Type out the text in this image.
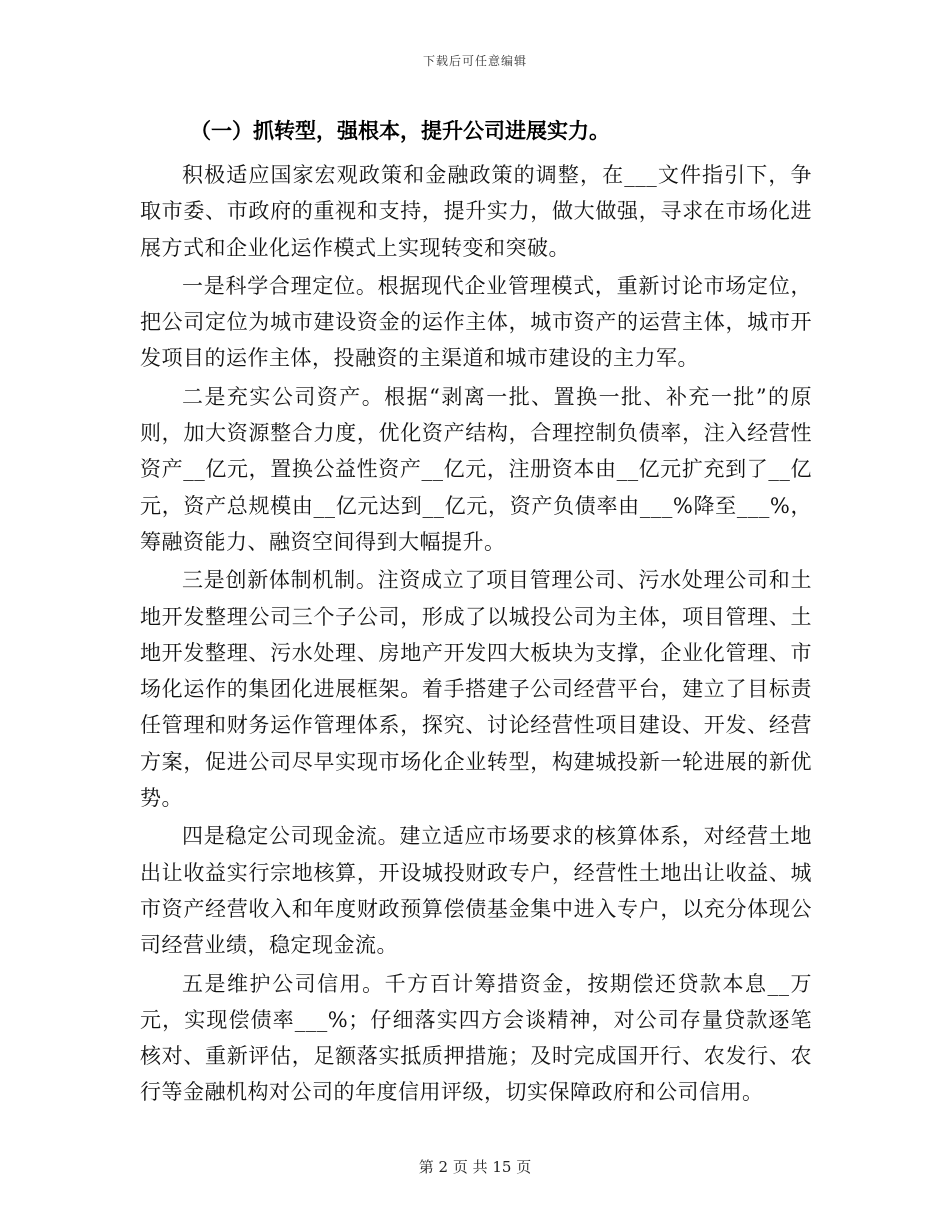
下载后可任意编辑
（一）抓转型，强根本，提升公司进展实力。

积极适应国家宏观政策和金融政策的调整，在___文件指引下，争取市委、市政府的重视和支持，提升实力，做大做强，寻求在市场化进展方式和企业化运作模式上实现转变和突破。

一是科学合理定位。根据现代企业管理模式，重新讨论市场定位，把公司定位为城市建设资金的运作主体，城市资产的运营主体，城市开发项目的运作主体，投融资的主渠道和城市建设的主力军。

二是充实公司资产。根据“剥离一批、置换一批、补充一批”的原则，加大资源整合力度，优化资产结构，合理控制负债率，注入经营性资产__亿元，置换公益性资产__亿元，注册资本由__亿元扩充到了__亿元，资产总规模由__亿元达到__亿元，资产负债率由___%降至___%，筹融资能力、融资空间得到大幅提升。

三是创新体制机制。注资成立了项目管理公司、污水处理公司和土地开发整理公司三个子公司，形成了以城投公司为主体，项目管理、土地开发整理、污水处理、房地产开发四大板块为支撑，企业化管理、市场化运作的集团化进展框架。着手搭建子公司经营平台，建立了目标责任管理和财务运作管理体系，探究、讨论经营性项目建设、开发、经营方案，促进公司尽早实现市场化企业转型，构建城投新一轮进展的新优势。

四是稳定公司现金流。建立适应市场要求的核算体系，对经营土地出让收益实行宗地核算，开设城投财政专户，经营性土地出让收益、城市资产经营收入和年度财政预算偿债基金集中进入专户，以充分体现公司经营业绩，稳定现金流。

五是维护公司信用。千方百计筹措资金，按期偿还贷款本息__万元，实现偿债率___%；仔细落实四方会谈精神，对公司存量贷款逐笔核对、重新评估，足额落实抵质押措施；及时完成国开行、农发行、农行等金融机构对公司的年度信用评级，切实保障政府和公司信用。

第 2 页 共 15 页
